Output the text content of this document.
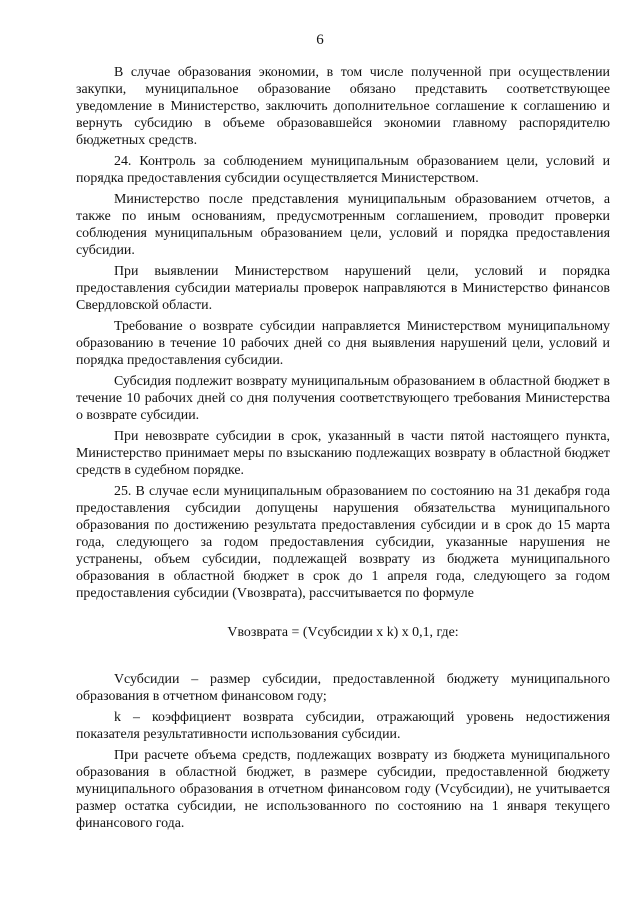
6

В случае образования экономии, в том числе полученной при осуществлении закупки, муниципальное образование обязано представить соответствующее уведомление в Министерство, заключить дополнительное соглашение к соглашению и вернуть субсидию в объеме образовавшейся экономии главному распорядителю бюджетных средств.

24. Контроль за соблюдением муниципальным образованием цели, условий и порядка предоставления субсидии осуществляется Министерством.

Министерство после представления муниципальным образованием отчетов, а также по иным основаниям, предусмотренным соглашением, проводит проверки соблюдения муниципальным образованием цели, условий и порядка предоставления субсидии.

При выявлении Министерством нарушений цели, условий и порядка предоставления субсидии материалы проверок направляются в Министерство финансов Свердловской области.

Требование о возврате субсидии направляется Министерством муниципальному образованию в течение 10 рабочих дней со дня выявления нарушений цели, условий и порядка предоставления субсидии.

Субсидия подлежит возврату муниципальным образованием в областной бюджет в течение 10 рабочих дней со дня получения соответствующего требования Министерства о возврате субсидии.

При невозврате субсидии в срок, указанный в части пятой настоящего пункта, Министерство принимает меры по взысканию подлежащих возврату в областной бюджет средств в судебном порядке.

25. В случае если муниципальным образованием по состоянию на 31 декабря года предоставления субсидии допущены нарушения обязательства муниципального образования по достижению результата предоставления субсидии и в срок до 15 марта года, следующего за годом предоставления субсидии, указанные нарушения не устранены, объем субсидии, подлежащей возврату из бюджета муниципального образования в областной бюджет в срок до 1 апреля года, следующего за годом предоставления субсидии (Vвозврата), рассчитывается по формуле

Vвозврата = (Vсубсидии х k) х 0,1, где:

Vсубсидии – размер субсидии, предоставленной бюджету муниципального образования в отчетном финансовом году;

k – коэффициент возврата субсидии, отражающий уровень недостижения показателя результативности использования субсидии.

При расчете объема средств, подлежащих возврату из бюджета муниципального образования в областной бюджет, в размере субсидии, предоставленной бюджету муниципального образования в отчетном финансовом году (Vсубсидии), не учитывается размер остатка субсидии, не использованного по состоянию на 1 января текущего финансового года.
